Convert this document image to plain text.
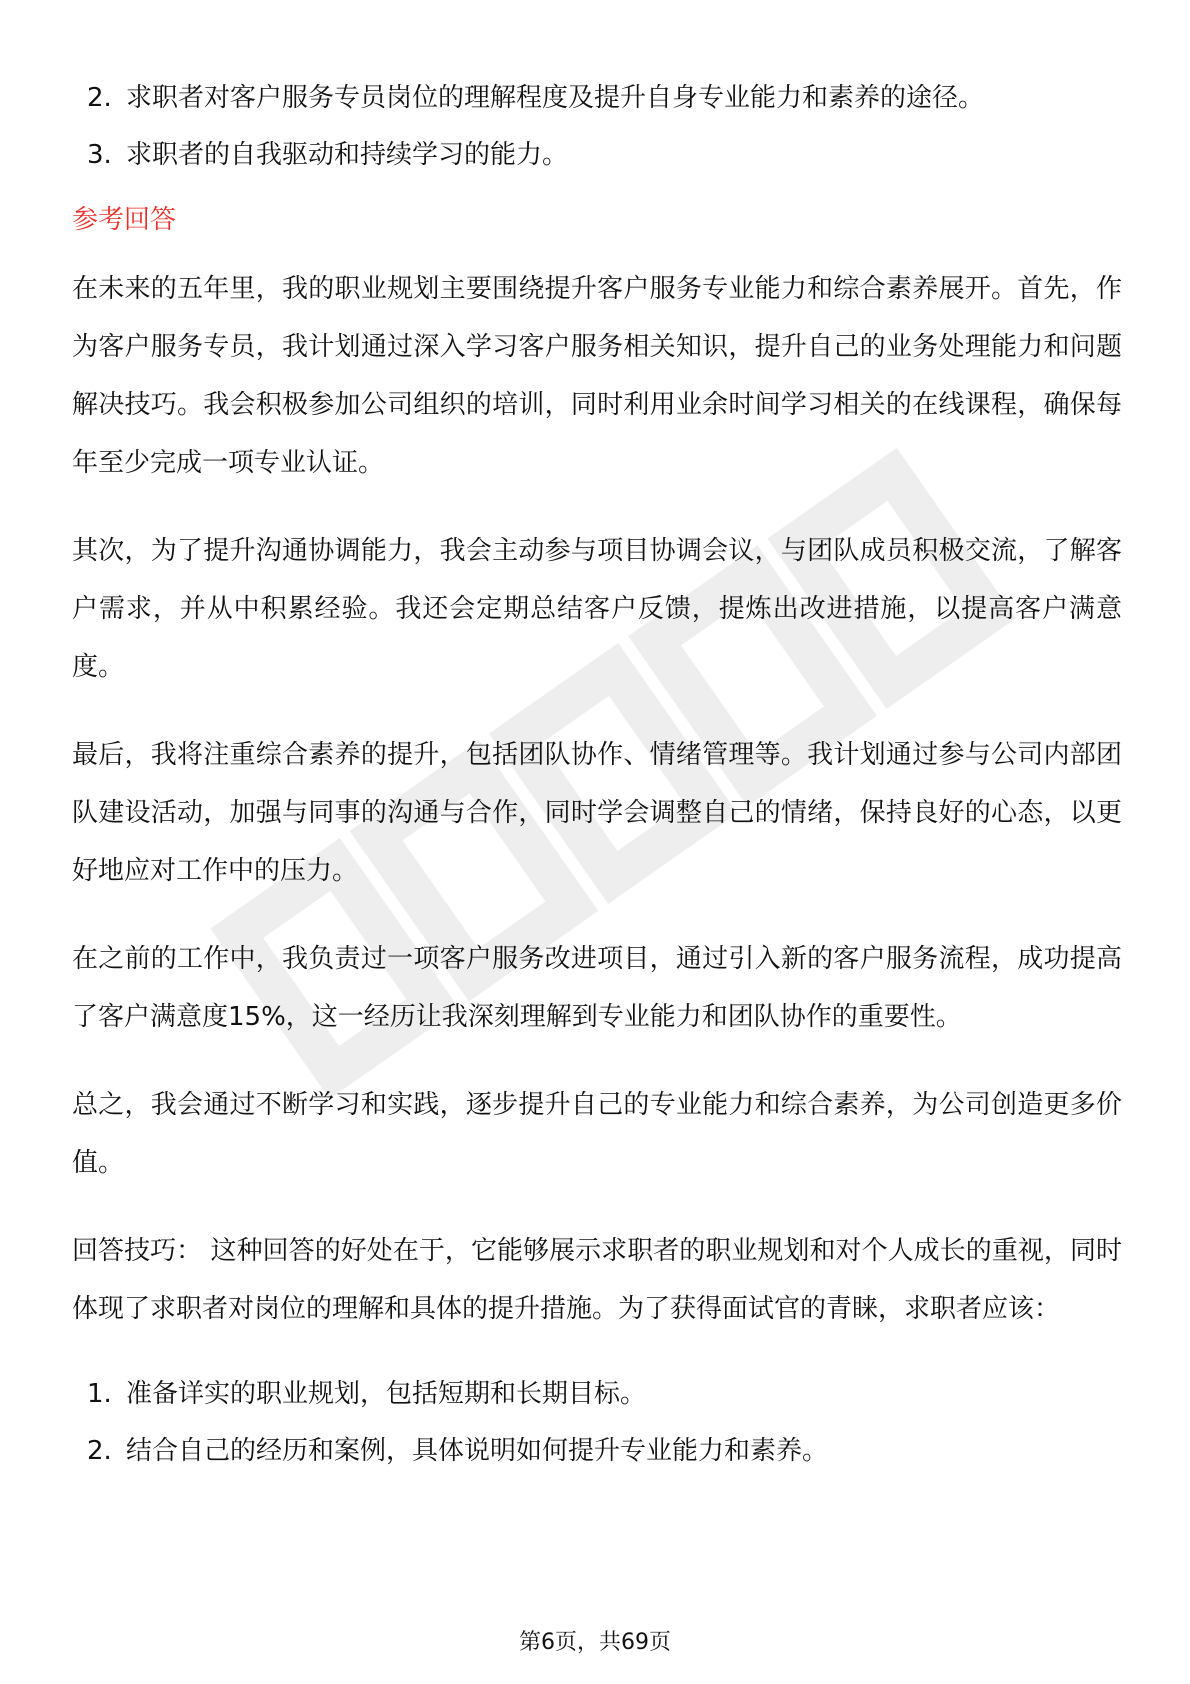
2. 求职者对客户服务专员岗位的理解程度及提升自身专业能力和素养的途径。
3. 求职者的自我驱动和持续学习的能力。
参考回答

在未来的五年里，我的职业规划主要围绕提升客户服务专业能力和综合素养展开。首先，作为客户服务专员，我计划通过深入学习客户服务相关知识，提升自己的业务处理能力和问题解决技巧。我会积极参加公司组织的培训，同时利用业余时间学习相关的在线课程，确保每年至少完成一项专业认证。

其次，为了提升沟通协调能力，我会主动参与项目协调会议，与团队成员积极交流，了解客户需求，并从中积累经验。我还会定期总结客户反馈，提炼出改进措施，以提高客户满意度。

最后，我将注重综合素养的提升，包括团队协作、情绪管理等。我计划通过参与公司内部团队建设活动，加强与同事的沟通与合作，同时学会调整自己的情绪，保持良好的心态，以更好地应对工作中的压力。

在之前的工作中，我负责过一项客户服务改进项目，通过引入新的客户服务流程，成功提高了客户满意度15%，这一经历让我深刻理解到专业能力和团队协作的重要性。

总之，我会通过不断学习和实践，逐步提升自己的专业能力和综合素养，为公司创造更多价值。

回答技巧： 这种回答的好处在于，它能够展示求职者的职业规划和对个人成长的重视，同时体现了求职者对岗位的理解和具体的提升措施。为了获得面试官的青睐，求职者应该：

1. 准备详实的职业规划，包括短期和长期目标。
2. 结合自己的经历和案例，具体说明如何提升专业能力和素养。
第6页，共69页
